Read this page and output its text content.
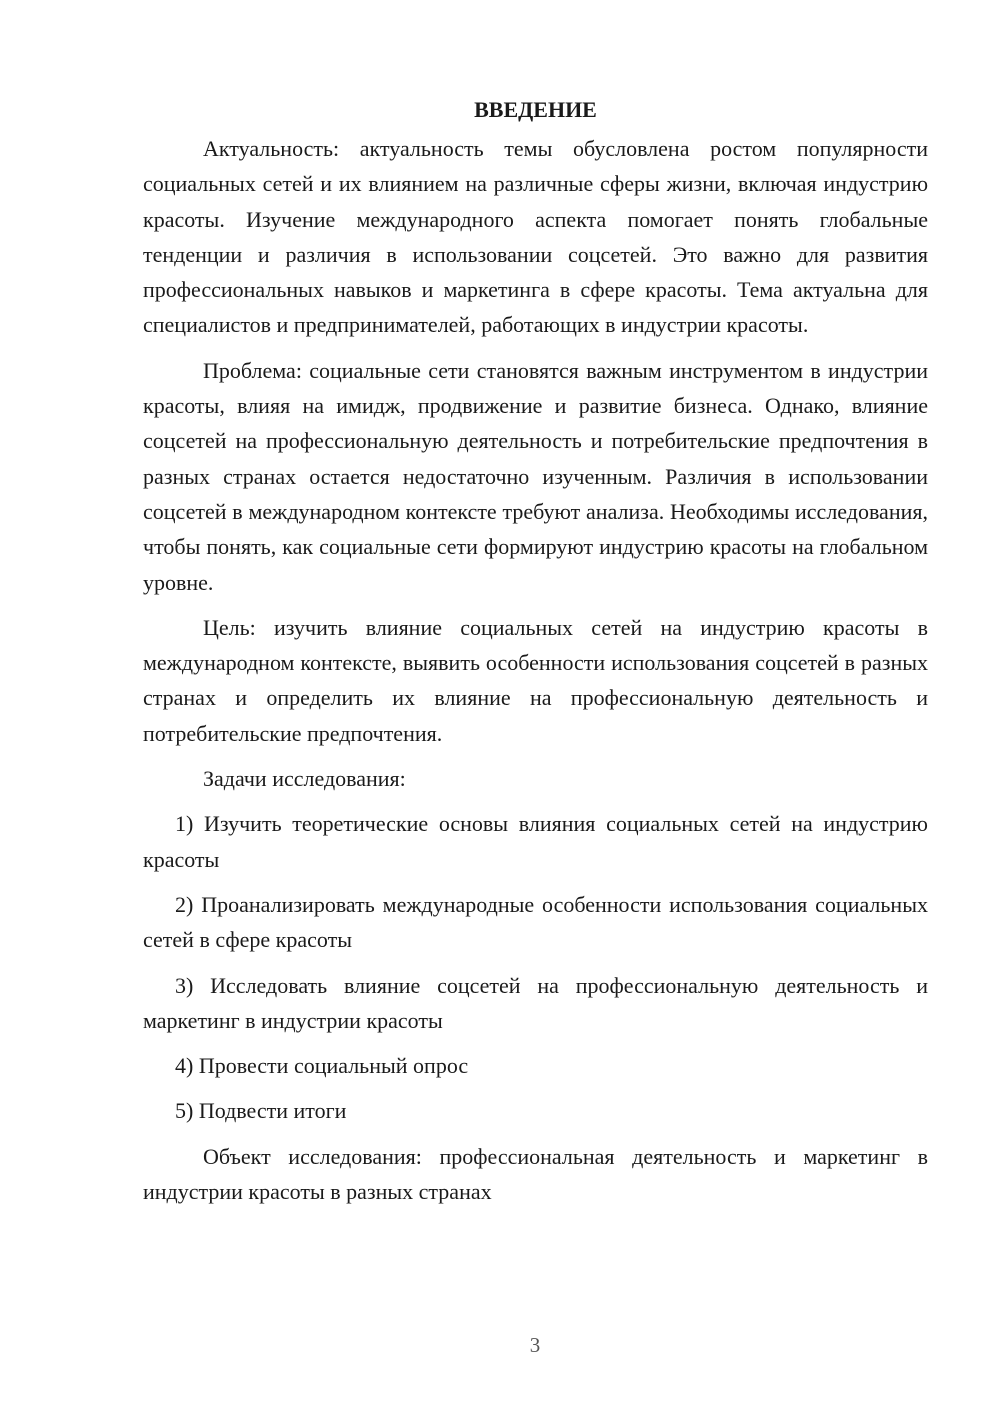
ВВЕДЕНИЕ

Актуальность: актуальность темы обусловлена ростом популярности социальных сетей и их влиянием на различные сферы жизни, включая индустрию красоты. Изучение международного аспекта помогает понять глобальные тенденции и различия в использовании соцсетей. Это важно для развития профессиональных навыков и маркетинга в сфере красоты. Тема актуальна для специалистов и предпринимателей, работающих в индустрии красоты.

Проблема: социальные сети становятся важным инструментом в индустрии красоты, влияя на имидж, продвижение и развитие бизнеса. Однако, влияние соцсетей на профессиональную деятельность и потребительские предпочтения в разных странах остается недостаточно изученным. Различия в использовании соцсетей в международном контексте требуют анализа. Необходимы исследования, чтобы понять, как социальные сети формируют индустрию красоты на глобальном уровне.

Цель: изучить влияние социальных сетей на индустрию красоты в международном контексте, выявить особенности использования соцсетей в разных странах и определить их влияние на профессиональную деятельность и потребительские предпочтения.

Задачи исследования:

1) Изучить теоретические основы влияния социальных сетей на индустрию красоты

2) Проанализировать международные особенности использования социальных сетей в сфере красоты

3) Исследовать влияние соцсетей на профессиональную деятельность и маркетинг в индустрии красоты

4) Провести социальный опрос

5) Подвести итоги

Объект исследования: профессиональная деятельность и маркетинг в индустрии красоты в разных странах

3
